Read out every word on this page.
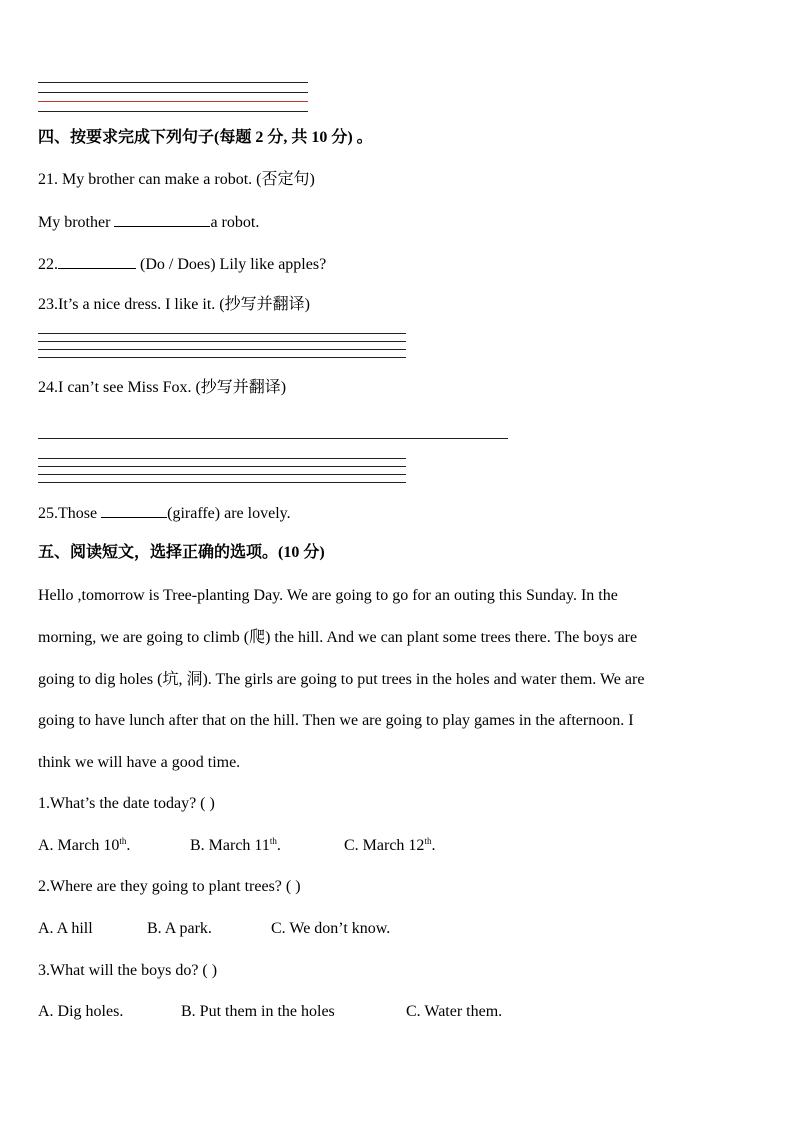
四、按要求完成下列句子(每题 2 分, 共 10 分) 。
21. My brother can make a robot. (否定句)
My brother	a robot.
22.	(Do / Does) Lily like apples?
23.It’s a nice dress. I like it. (抄写并翻译)
24.I can’t see Miss Fox. (抄写并翻译)
25.Those	(giraffe) are lovely.
五、阅读短文，选择正确的选项。(10 分)
Hello ,tomorrow is Tree-planting Day. We are going to go for an outing this Sunday. In the
morning, we are going to climb (爬) the hill. And we can plant some trees there. The boys are
going to dig holes (坑, 洞). The girls are going to put trees in the holes and water them. We are
going to have lunch after that on the hill. Then we are going to play games in the afternoon. I
think we will have a good time.
1.What’s the date today? ( )
A. March 10th.	B. March 11th.	C. March 12th.
2.Where are they going to plant trees? ( )
A. A hill	B. A park.	C. We don’t know.
3.What will the boys do? ( )
A. Dig holes.	B. Put them in the holes	C. Water them.
